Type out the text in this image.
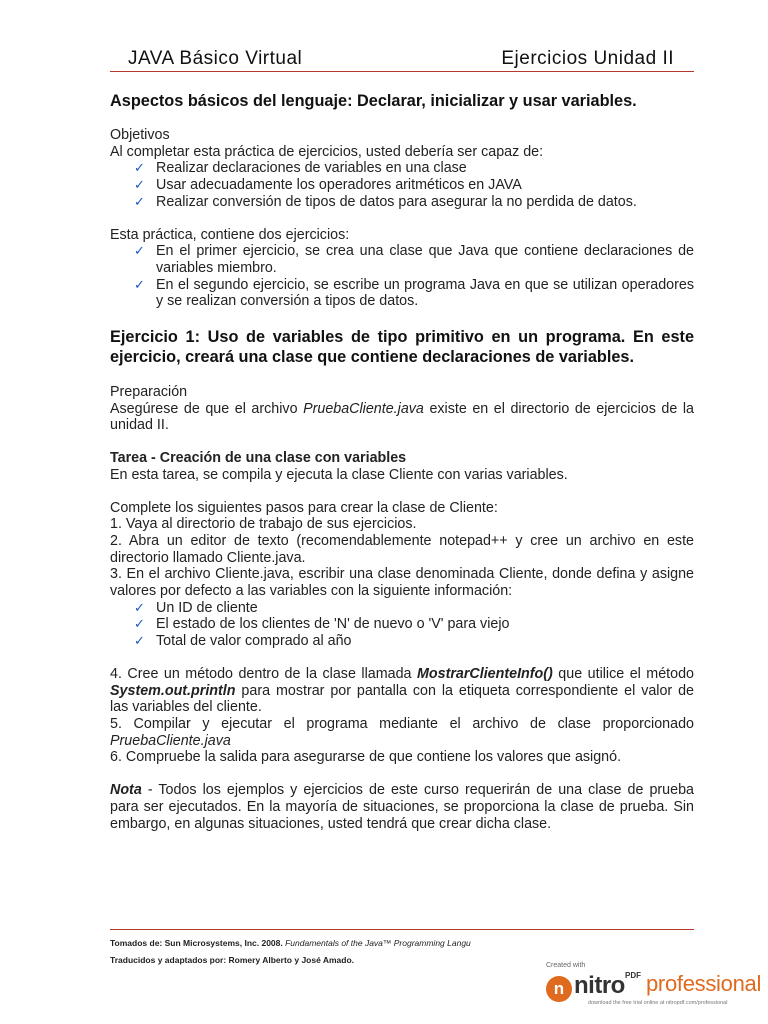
JAVA Básico Virtual	Ejercicios Unidad II
Aspectos básicos del lenguaje: Declarar, inicializar y usar variables.

Objetivos

Al completar esta práctica de ejercicios, usted debería ser capaz de:

✓ Realizar declaraciones de variables en una clase
✓ Usar adecuadamente los operadores aritméticos en JAVA
✓ Realizar conversión de tipos de datos para asegurar la no perdida de datos.

Esta práctica, contiene dos ejercicios:

✓ En el primer ejercicio, se crea una clase que Java que contiene declaraciones de variables miembro.
✓ En el segundo ejercicio, se escribe un programa Java en que se utilizan operadores y se realizan conversión a tipos de datos.
Ejercicio 1: Uso de variables de tipo primitivo en un programa. En este ejercicio, creará una clase que contiene declaraciones de variables.

Preparación

Asegúrese de que el archivo PruebaCliente.java existe en el directorio de ejercicios de la unidad II.

Tarea - Creación de una clase con variables

En esta tarea, se compila y ejecuta la clase Cliente con varias variables.

Complete los siguientes pasos para crear la clase de Cliente:

1. Vaya al directorio de trabajo de sus ejercicios.

2. Abra un editor de texto (recomendablemente notepad++ y cree un archivo en este directorio llamado Cliente.java.

3. En el archivo Cliente.java, escribir una clase denominada Cliente, donde defina y asigne valores por defecto a las variables con la siguiente información:

✓ Un ID de cliente
✓ El estado de los clientes de 'N' de nuevo o 'V' para viejo
✓ Total de valor comprado al año

4. Cree un método dentro de la clase llamada MostrarClienteInfo() que utilice el método System.out.println para mostrar por pantalla con la etiqueta correspondiente el valor de las variables del cliente.

5. Compilar y ejecutar el programa mediante el archivo de clase proporcionado PruebaCliente.java

6. Compruebe la salida para asegurarse de que contiene los valores que asignó.

Nota - Todos los ejemplos y ejercicios de este curso requerirán de una clase de prueba para ser ejecutados. En la mayoría de situaciones, se proporciona la clase de prueba. Sin embargo, en algunas situaciones, usted tendrá que crear dicha clase.

Tomados de: Sun Microsystems, Inc. 2008. Fundamentals of the Java™ Programming Langu
Traducidos y adaptados por: Romery Alberto y José Amado.
Created with
n nitro PDF professional
download the free trial online at nitropdf.com/professional
